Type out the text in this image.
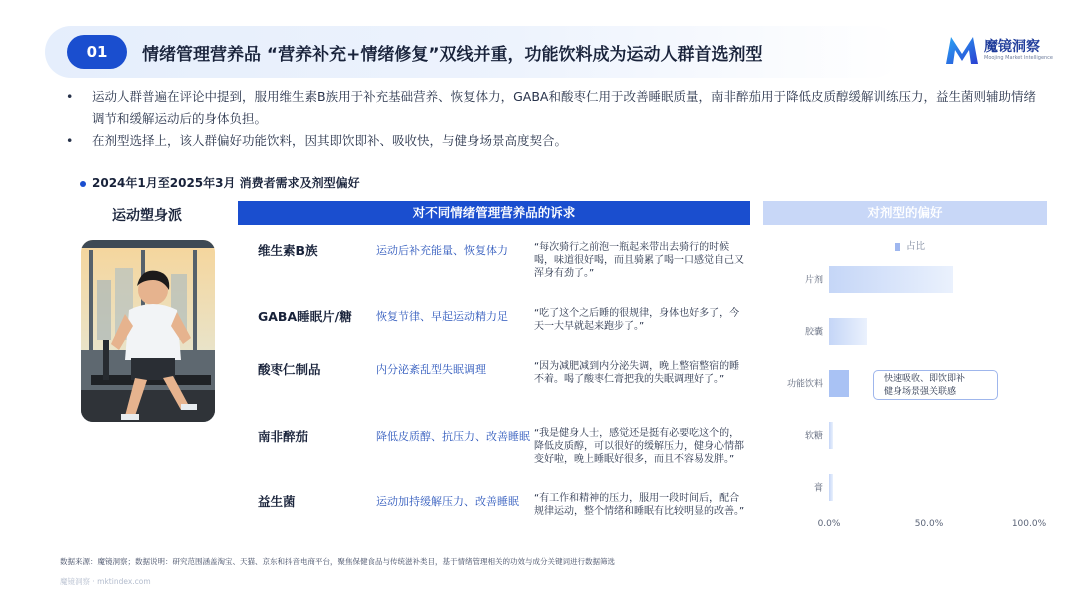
01	情绪管理营养品 “营养补充+情绪修复”双线并重，功能饮料成为运动人群首选剂型	魔镜洞察
Moojing Market Intelligence
• 运动人群普遍在评论中提到，服用维生素B族用于补充基础营养、恢复体力，GABA和酸枣仁用于改善睡眠质量，南非醉茄用于降低皮质醇缓解训练压力，益生菌则辅助情绪调节和缓解运动后的身体负担。
• 在剂型选择上，该人群偏好功能饮料，因其即饮即补、吸收快，与健身场景高度契合。
2024年1月至2025年3月 消费者需求及剂型偏好
运动塑身派	对不同情绪管理营养品的诉求	对剂型的偏好
维生素B族	运动后补充能量、恢复体力	“每次骑行之前泡一瓶起来带出去骑行的时候喝，味道很好喝，而且骑累了喝一口感觉自己又浑身有劲了。”
GABA睡眠片/糖 恢复节律、早起运动精力足	“吃了这个之后睡的很规律，身体也好多了，今天一大早就起来跑步了。”
酸枣仁制品	内分泌紊乱型失眠调理	“因为减肥减到内分泌失调，晚上整宿整宿的睡不着。喝了酸枣仁膏把我的失眠调理好了。”
南非醉茄	降低皮质醇、抗压力、改善睡眠 “我是健身人士，感觉还是挺有必要吃这个的，降低皮质醇，可以很好的缓解压力，健身心情都变好啦，晚上睡眠好很多，而且不容易发胖。”
益生菌	运动加持缓解压力、改善睡眠 “有工作和精神的压力，服用一段时间后，配合规律运动，整个情绪和睡眠有比较明显的改善。”
占比
片剂
胶囊
功能饮料
软糖
膏
0.0%	50.0%	100.0%
快速吸收、即饮即补
健身场景强关联感
数据来源：魔镜洞察；数据说明：研究范围涵盖淘宝、天猫、京东和抖音电商平台，聚焦保健食品与传统滋补类目，基于情绪管理相关的功效与成分关键词进行数据筛选
魔镜洞察 · mktindex.com
